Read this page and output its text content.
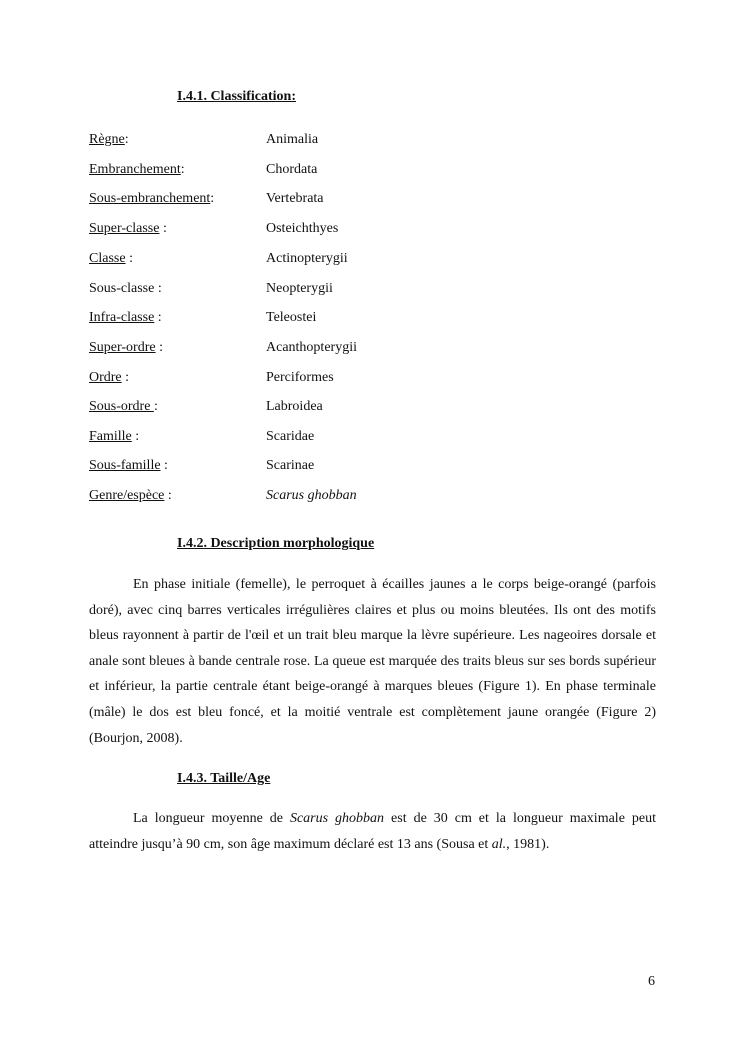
I.4.1. Classification:
Règne:	Animalia
Embranchement:	Chordata
Sous-embranchement:	Vertebrata
Super-classe :	Osteichthyes
Classe :	Actinopterygii
Sous-classe :	Neopterygii
Infra-classe :	Teleostei
Super-ordre :	Acanthopterygii
Ordre :	Perciformes
Sous-ordre :	Labroidea
Famille :	Scaridae
Sous-famille :	Scarinae
Genre/espèce :	Scarus ghobban
I.4.2. Description morphologique

En phase initiale (femelle), le perroquet à écailles jaunes a le corps beige-orangé (parfois doré), avec cinq barres verticales irrégulières claires et plus ou moins bleutées. Ils ont des motifs bleus rayonnent à partir de l'œil et un trait bleu marque la lèvre supérieure. Les nageoires dorsale et anale sont bleues à bande centrale rose. La queue est marquée des traits bleus sur ses bords supérieur et inférieur, la partie centrale étant beige-orangé à marques bleues (Figure 1). En phase terminale (mâle) le dos est bleu foncé, et la moitié ventrale est complètement jaune orangée (Figure 2) (Bourjon, 2008).

I.4.3. Taille/Age

La longueur moyenne de Scarus ghobban est de 30 cm et la longueur maximale peut atteindre jusqu’à 90 cm, son âge maximum déclaré est 13 ans (Sousa et al., 1981).

6
